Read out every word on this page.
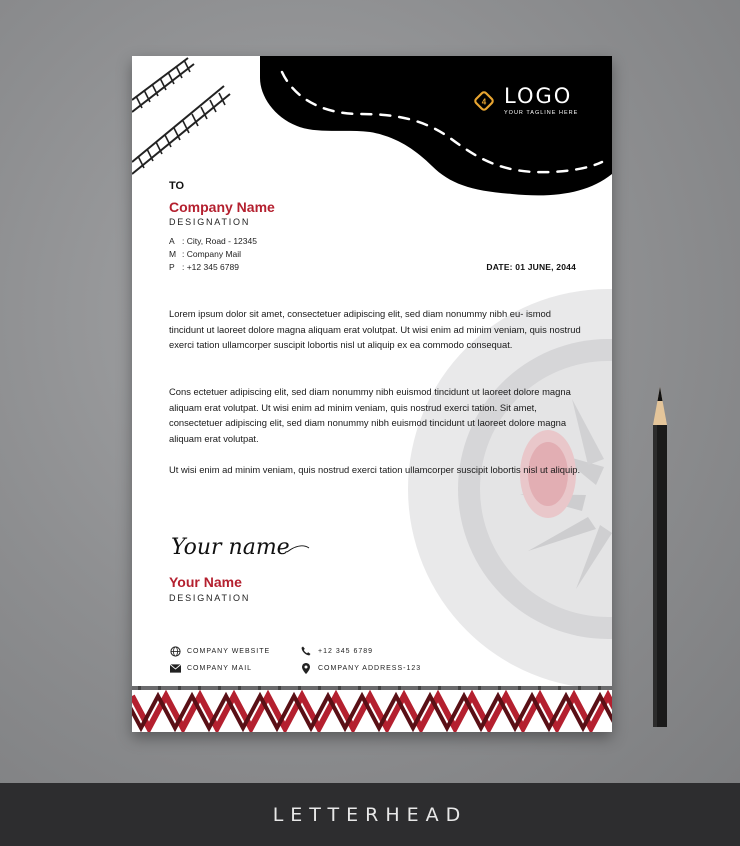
4 LOGO
YOUR TAGLINE HERE
TO
Company Name
DESIGNATION
A : City, Road - 12345
M : Company Mail
P : +12 345 6789	DATE: 01 JUNE, 2044
Lorem ipsum dolor sit amet, consectetuer adipiscing elit, sed diam nonummy nibh eu- ismod tincidunt ut laoreet dolore magna aliquam erat volutpat. Ut wisi enim ad minim veniam, quis nostrud exerci tation ullamcorper suscipit lobortis nisl ut aliquip ex ea commodo consequat.
Cons ectetuer adipiscing elit, sed diam nonummy nibh euismod tincidunt ut laoreet dolore magna aliquam erat volutpat. Ut wisi enim ad minim veniam, quis nostrud exerci tation. Sit amet, consectetuer adipiscing elit, sed diam nonummy nibh euismod tincidunt ut laoreet dolore magna aliquam erat volutpat.
Ut wisi enim ad minim veniam, quis nostrud exerci tation ullamcorper suscipit lobortis nisl ut aliquip.
Your name
Your Name
DESIGNATION
COMPANY WEBSITE
COMPANY MAIL
+12 345 6789
COMPANY ADDRESS-123
LETTERHEAD
